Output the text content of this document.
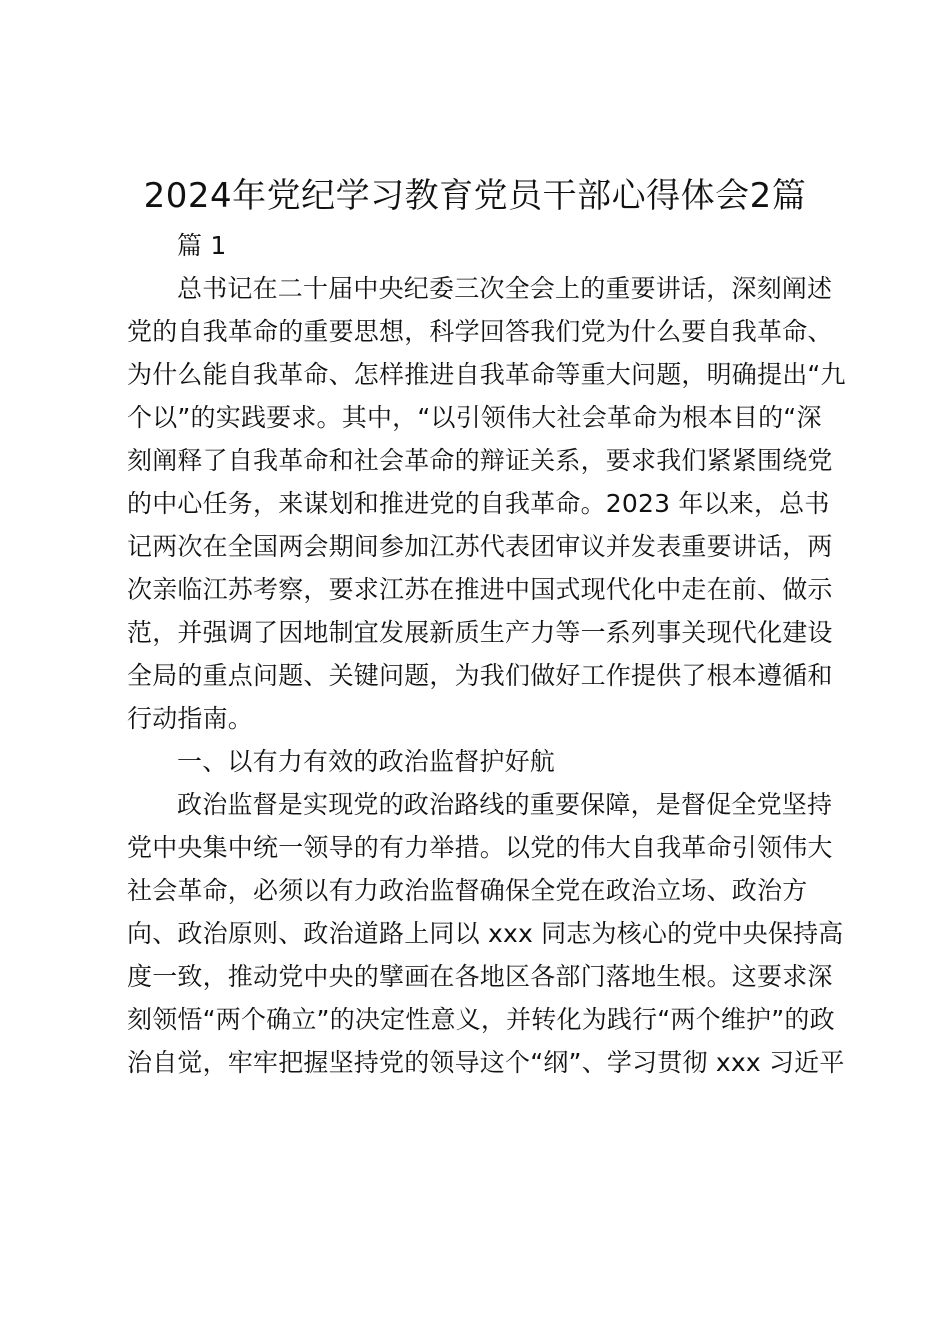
2024年党纪学习教育党员干部心得体会2篇
篇 1
总书记在二十届中央纪委三次全会上的重要讲话，深刻阐述
党的自我革命的重要思想，科学回答我们党为什么要自我革命、
为什么能自我革命、怎样推进自我革命等重大问题，明确提出“九
个以”的实践要求。其中，“以引领伟大社会革命为根本目的“深
刻阐释了自我革命和社会革命的辩证关系，要求我们紧紧围绕党
的中心任务，来谋划和推进党的自我革命。2023 年以来，总书
记两次在全国两会期间参加江苏代表团审议并发表重要讲话，两
次亲临江苏考察，要求江苏在推进中国式现代化中走在前、做示
范，并强调了因地制宜发展新质生产力等一系列事关现代化建设
全局的重点问题、关键问题，为我们做好工作提供了根本遵循和
行动指南。
一、以有力有效的政治监督护好航
政治监督是实现党的政治路线的重要保障，是督促全党坚持
党中央集中统一领导的有力举措。以党的伟大自我革命引领伟大
社会革命，必须以有力政治监督确保全党在政治立场、政治方
向、政治原则、政治道路上同以 xxx 同志为核心的党中央保持高
度一致，推动党中央的擘画在各地区各部门落地生根。这要求深
刻领悟“两个确立”的决定性意义，并转化为践行“两个维护”的政
治自觉，牢牢把握坚持党的领导这个“纲”、学习贯彻 xxx 习近平
